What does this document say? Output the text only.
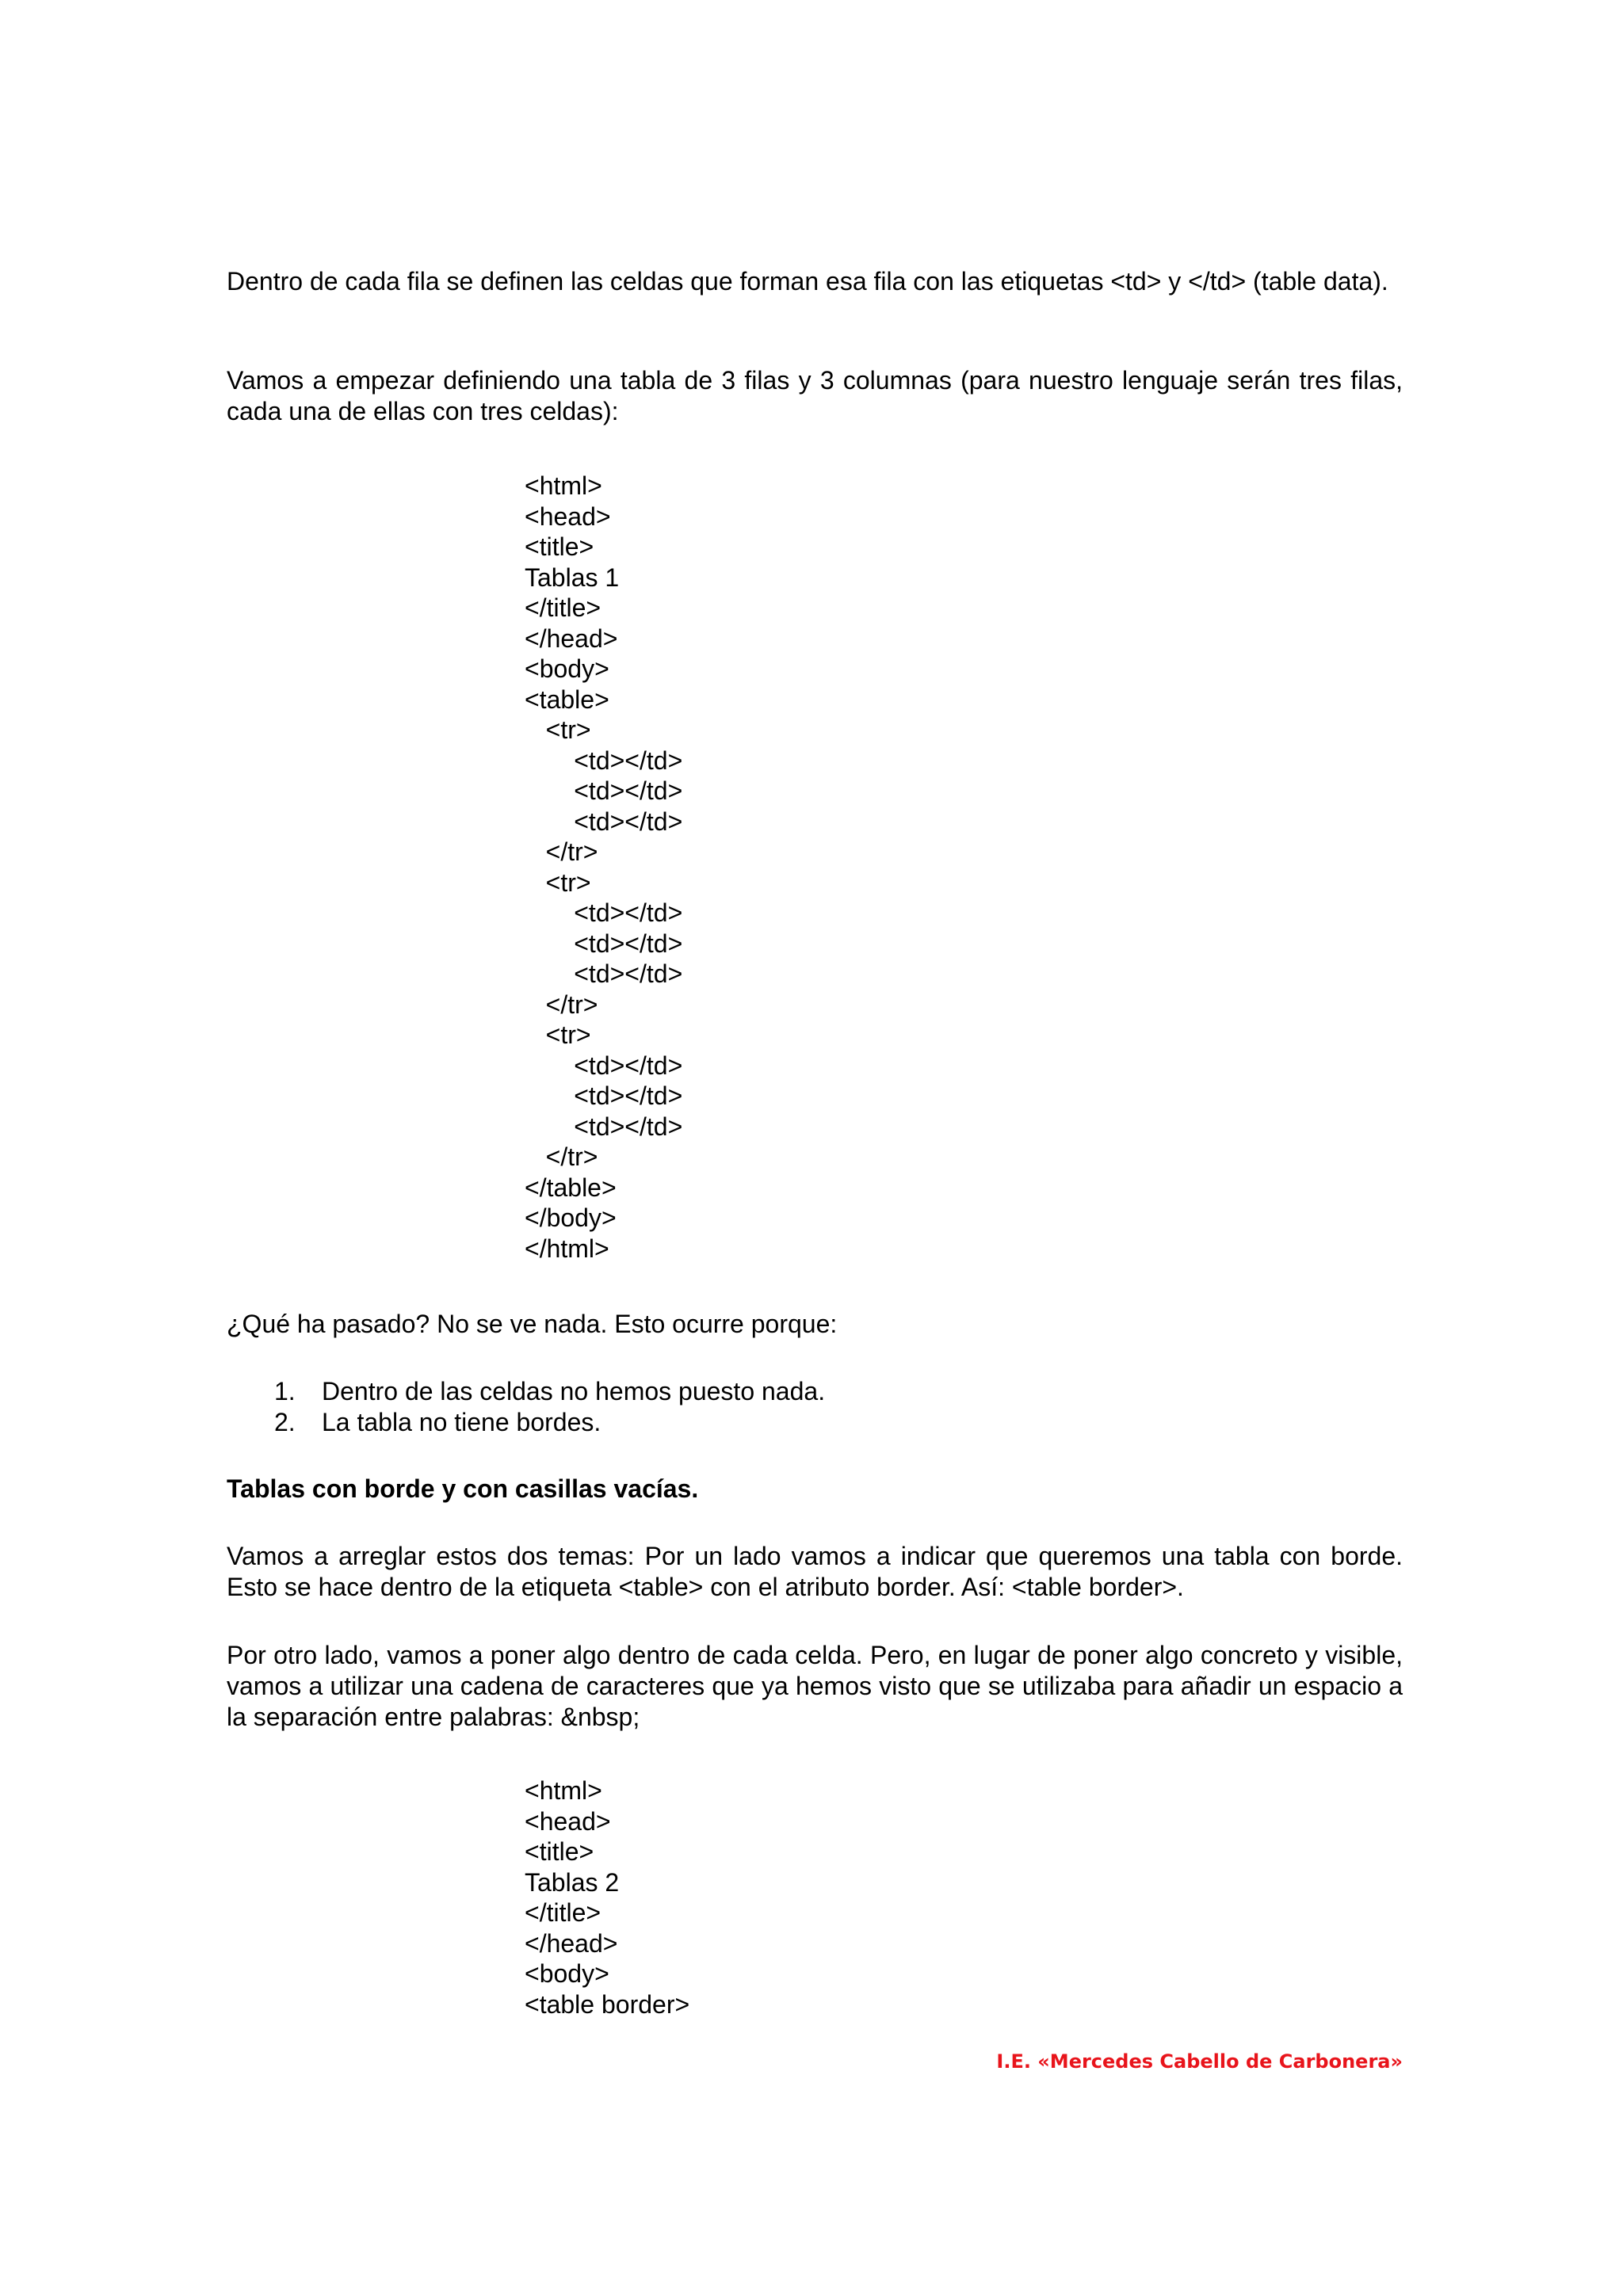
Dentro de cada fila se definen las celdas que forman esa fila con las etiquetas <td> y </td> (table data).

Vamos a empezar definiendo una tabla de 3 filas y 3 columnas (para nuestro lenguaje serán tres filas, cada una de ellas con tres celdas):

<html>
<head>
<title>
Tablas 1
</title>
</head>
<body>
<table>
<tr>
<td></td>
<td></td>
<td></td>
</tr>
<tr>
<td></td>
<td></td>
<td></td>
</tr>
<tr>
<td></td>
<td></td>
<td></td>
</tr>
</table>
</body>
</html>

¿Qué ha pasado? No se ve nada. Esto ocurre porque:

1. Dentro de las celdas no hemos puesto nada.
2. La tabla no tiene bordes.

Tablas con borde y con casillas vacías.

Vamos a arreglar estos dos temas: Por un lado vamos a indicar que queremos una tabla con borde. Esto se hace dentro de la etiqueta <table> con el atributo border. Así: <table border>.

Por otro lado, vamos a poner algo dentro de cada celda. Pero, en lugar de poner algo concreto y visible, vamos a utilizar una cadena de caracteres que ya hemos visto que se utilizaba para añadir un espacio a la separación entre palabras: &nbsp;

<html>
<head>
<title>
Tablas 2
</title>
</head>
<body>
<table border>

I.E. «Mercedes Cabello de Carbonera»
